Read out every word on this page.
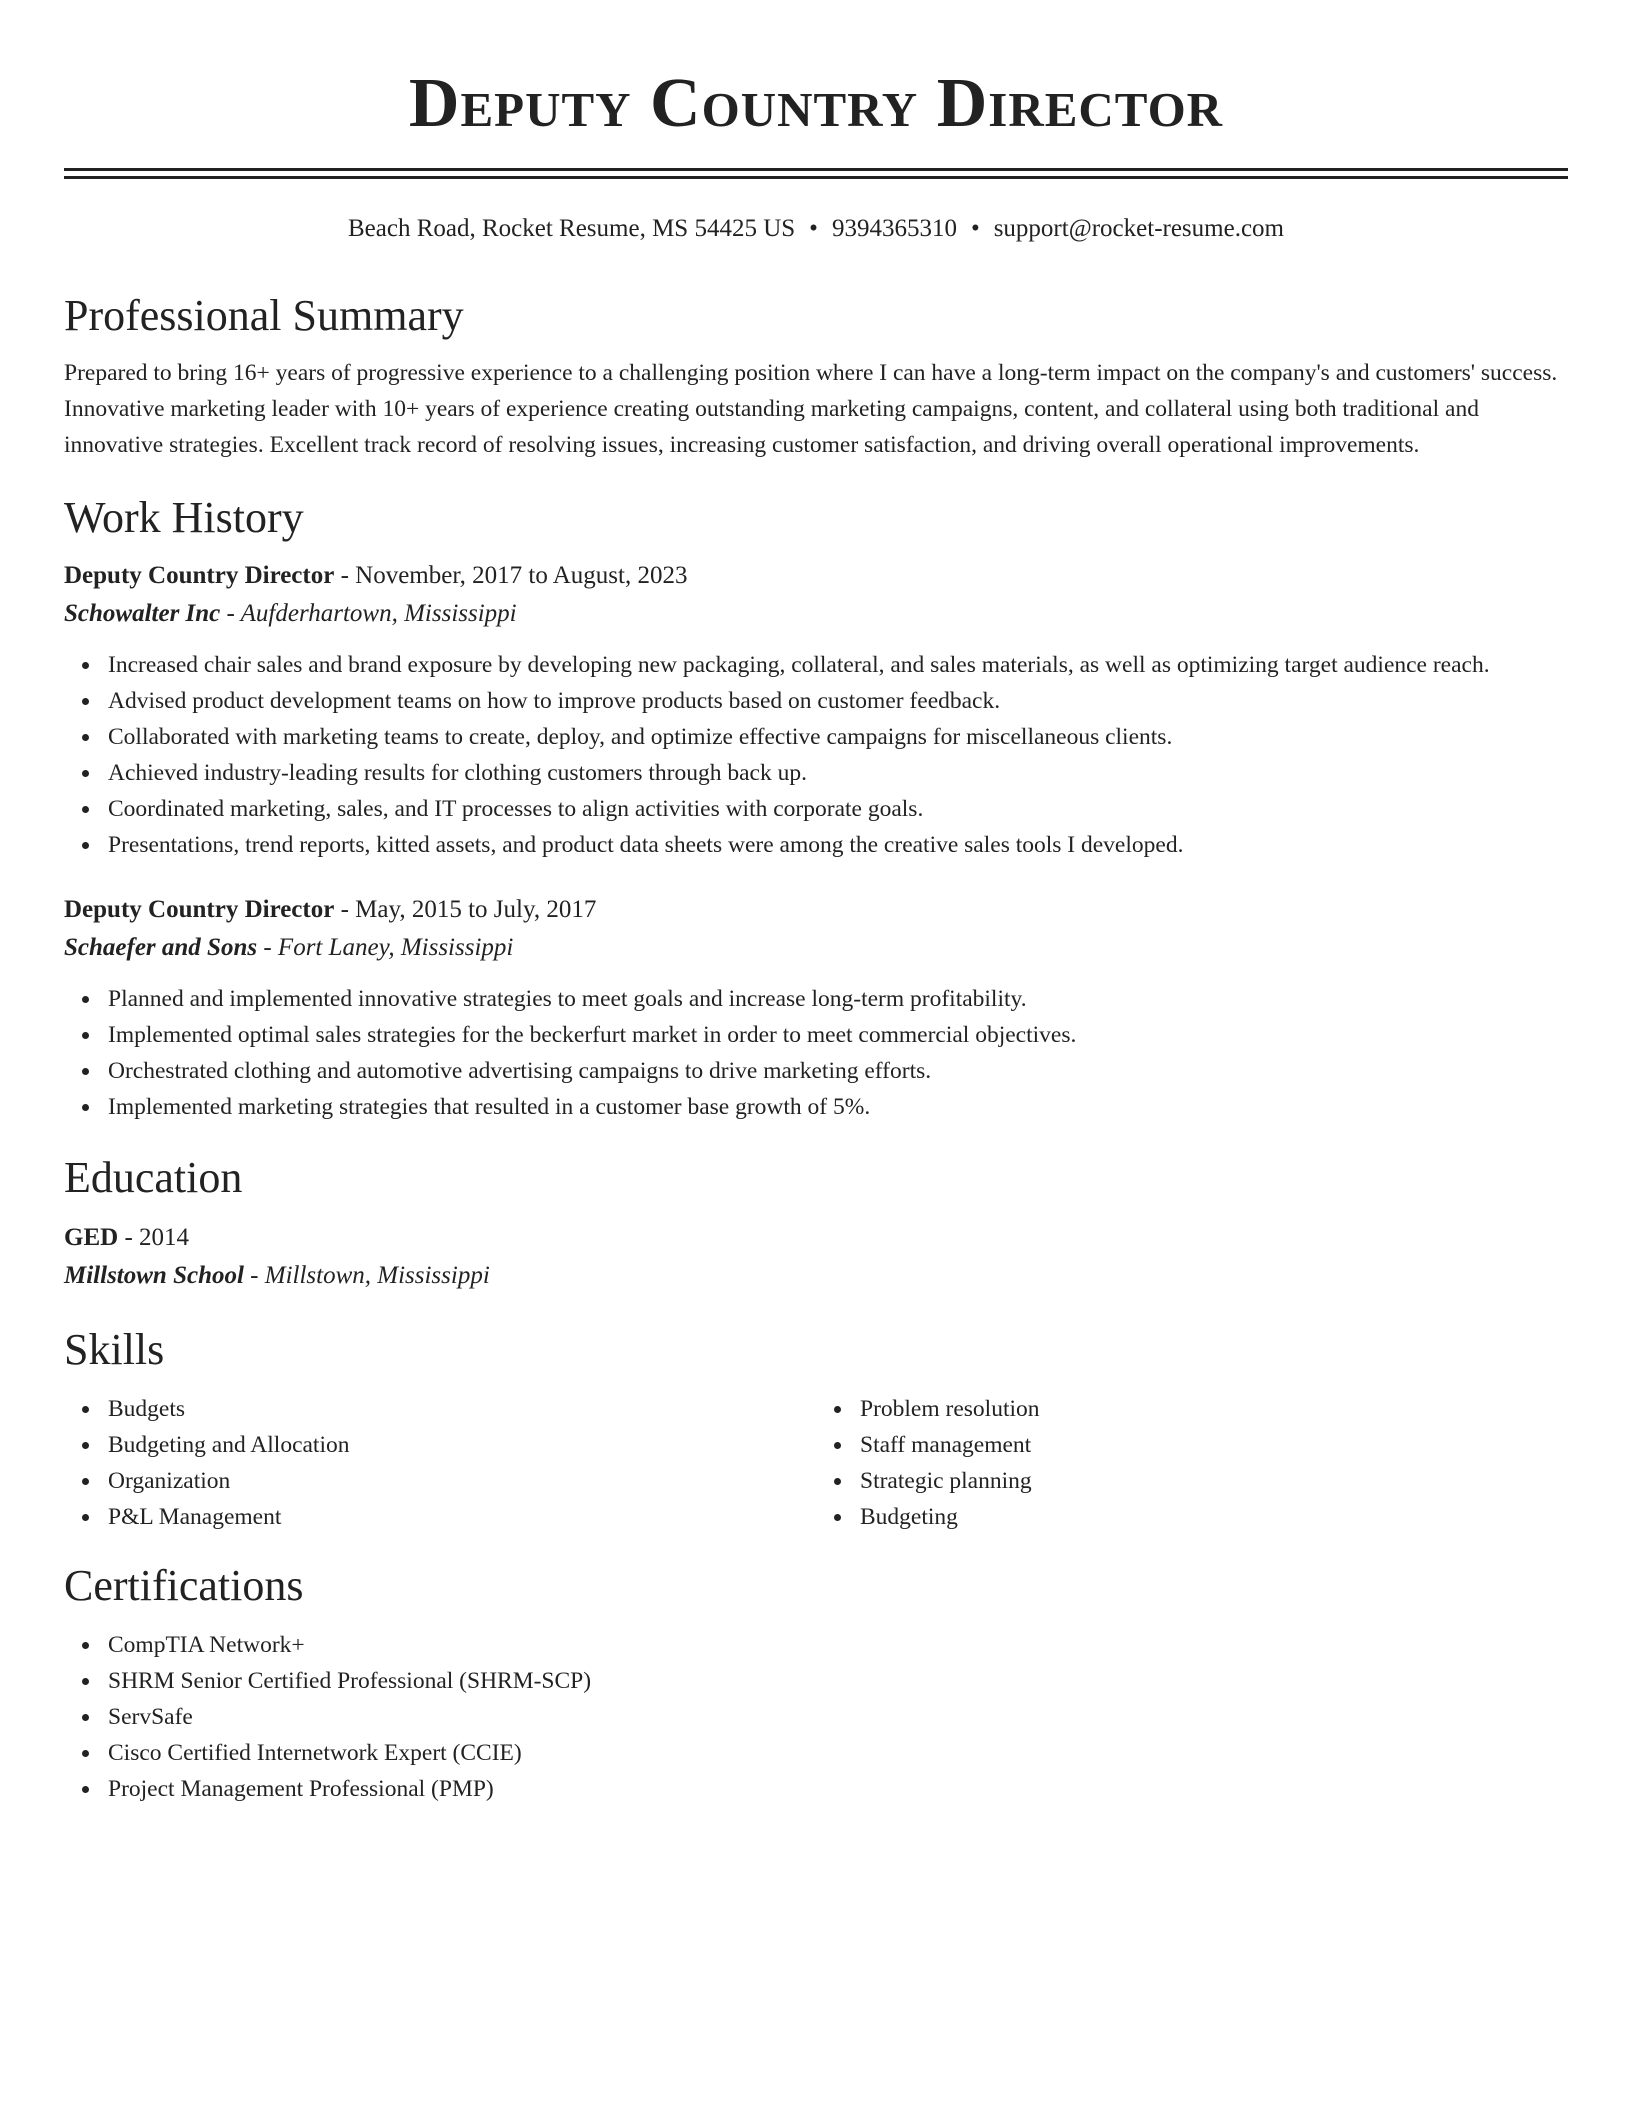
Deputy Country Director
Beach Road, Rocket Resume, MS 54425 US • 9394365310 • support@rocket-resume.com
Professional Summary
Prepared to bring 16+ years of progressive experience to a challenging position where I can have a long-term impact on the company's and customers' success. Innovative marketing leader with 10+ years of experience creating outstanding marketing campaigns, content, and collateral using both traditional and innovative strategies. Excellent track record of resolving issues, increasing customer satisfaction, and driving overall operational improvements.
Work History
Deputy Country Director - November, 2017 to August, 2023
Schowalter Inc - Aufderhartown, Mississippi
Increased chair sales and brand exposure by developing new packaging, collateral, and sales materials, as well as optimizing target audience reach.
Advised product development teams on how to improve products based on customer feedback.
Collaborated with marketing teams to create, deploy, and optimize effective campaigns for miscellaneous clients.
Achieved industry-leading results for clothing customers through back up.
Coordinated marketing, sales, and IT processes to align activities with corporate goals.
Presentations, trend reports, kitted assets, and product data sheets were among the creative sales tools I developed.
Deputy Country Director - May, 2015 to July, 2017
Schaefer and Sons - Fort Laney, Mississippi
Planned and implemented innovative strategies to meet goals and increase long-term profitability.
Implemented optimal sales strategies for the beckerfurt market in order to meet commercial objectives.
Orchestrated clothing and automotive advertising campaigns to drive marketing efforts.
Implemented marketing strategies that resulted in a customer base growth of 5%.
Education
GED - 2014
Millstown School - Millstown, Mississippi
Skills
Budgets
Budgeting and Allocation
Organization
P&L Management
Problem resolution
Staff management
Strategic planning
Budgeting
Certifications
CompTIA Network+
SHRM Senior Certified Professional (SHRM-SCP)
ServSafe
Cisco Certified Internetwork Expert (CCIE)
Project Management Professional (PMP)
